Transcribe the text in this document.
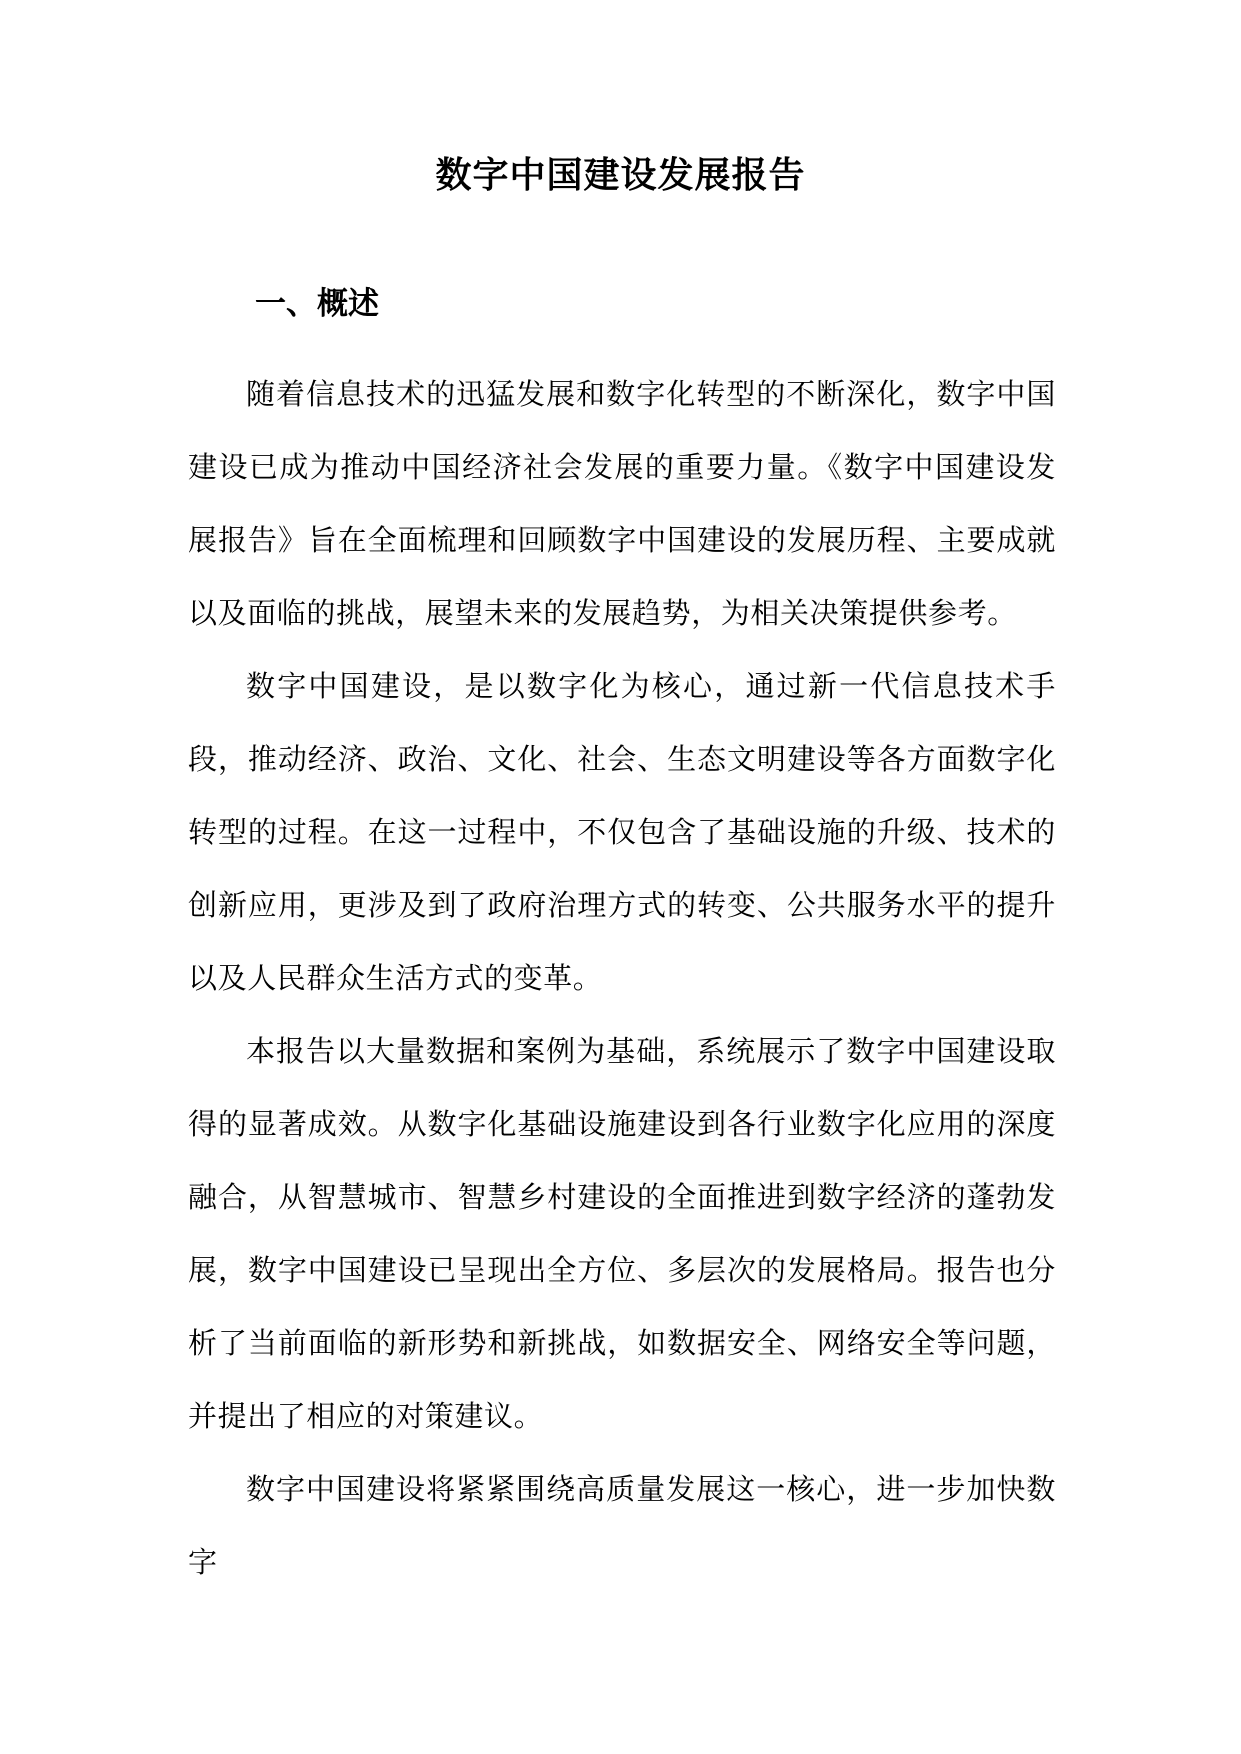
数字中国建设发展报告
一、概述

随着信息技术的迅猛发展和数字化转型的不断深化，数字中国建设已成为推动中国经济社会发展的重要力量。《数字中国建设发展报告》旨在全面梳理和回顾数字中国建设的发展历程、主要成就以及面临的挑战，展望未来的发展趋势，为相关决策提供参考。

数字中国建设，是以数字化为核心，通过新一代信息技术手段，推动经济、政治、文化、社会、生态文明建设等各方面数字化转型的过程。在这一过程中，不仅包含了基础设施的升级、技术的创新应用，更涉及到了政府治理方式的转变、公共服务水平的提升以及人民群众生活方式的变革。

本报告以大量数据和案例为基础，系统展示了数字中国建设取得的显著成效。从数字化基础设施建设到各行业数字化应用的深度融合，从智慧城市、智慧乡村建设的全面推进到数字经济的蓬勃发展，数字中国建设已呈现出全方位、多层次的发展格局。报告也分析了当前面临的新形势和新挑战，如数据安全、网络安全等问题，并提出了相应的对策建议。

数字中国建设将紧紧围绕高质量发展这一核心，进一步加快数字
